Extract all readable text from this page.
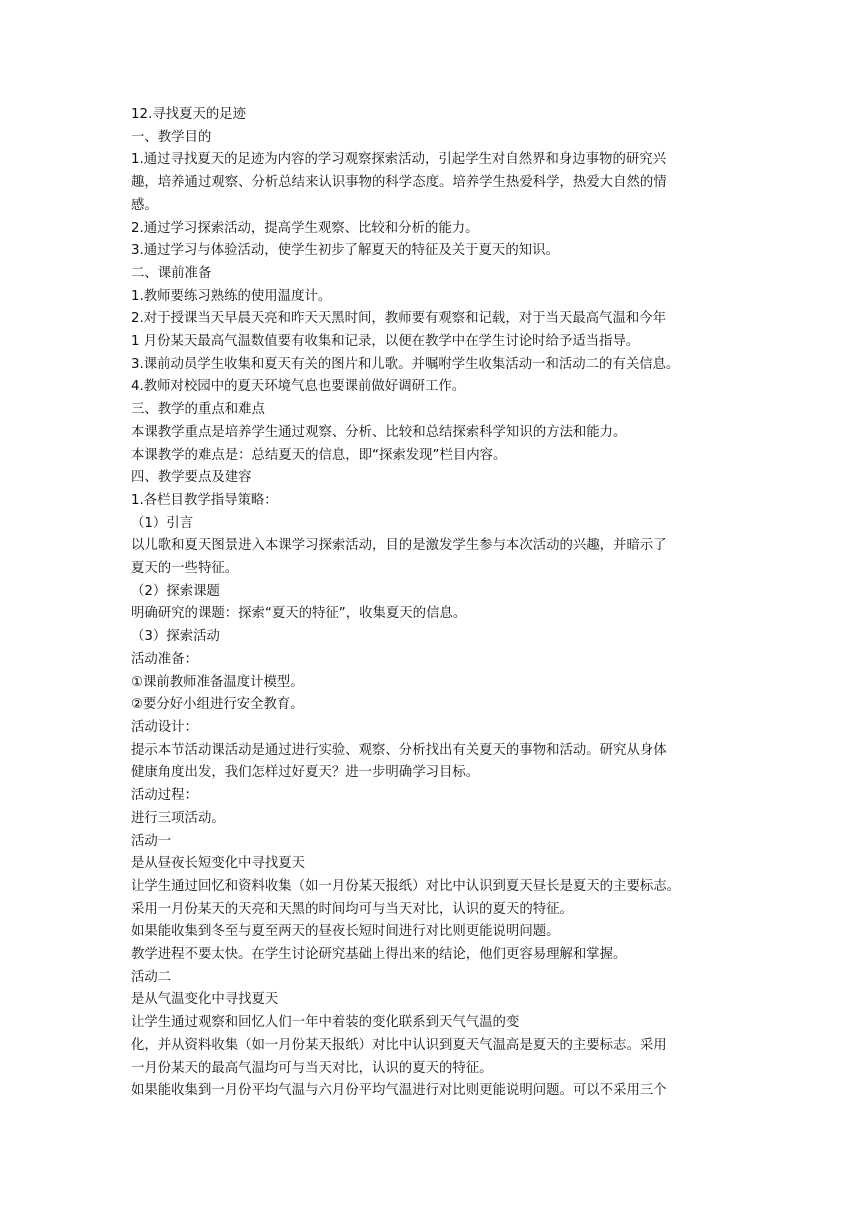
12.寻找夏天的足迹

一、教学目的

1.通过寻找夏天的足迹为内容的学习观察探索活动，引起学生对自然界和身边事物的研究兴

趣，培养通过观察、分析总结来认识事物的科学态度。培养学生热爱科学，热爱大自然的情

感。

2.通过学习探索活动，提高学生观察、比较和分析的能力。

3.通过学习与体验活动，使学生初步了解夏天的特征及关于夏天的知识。

二、课前准备

1.教师要练习熟练的使用温度计。

2.对于授课当天早晨天亮和昨天天黑时间，教师要有观察和记载，对于当天最高气温和今年

1 月份某天最高气温数值要有收集和记录，以便在教学中在学生讨论时给予适当指导。

3.课前动员学生收集和夏天有关的图片和儿歌。并嘱咐学生收集活动一和活动二的有关信息。

4.教师对校园中的夏天环境气息也要课前做好调研工作。

三、教学的重点和难点

本课教学重点是培养学生通过观察、分析、比较和总结探索科学知识的方法和能力。

本课教学的难点是：总结夏天的信息，即“探索发现”栏目内容。

四、教学要点及建容

1.各栏目教学指导策略：

（1）引言

以儿歌和夏天图景进入本课学习探索活动，目的是激发学生参与本次活动的兴趣，并暗示了

夏天的一些特征。

（2）探索课题

明确研究的课题：探索“夏天的特征”，收集夏天的信息。

（3）探索活动

活动准备：

①课前教师准备温度计模型。

②要分好小组进行安全教育。

活动设计：

提示本节活动课活动是通过进行实验、观察、分析找出有关夏天的事物和活动。研究从身体

健康角度出发，我们怎样过好夏天？进一步明确学习目标。

活动过程：

进行三项活动。

活动一

是从昼夜长短变化中寻找夏天

让学生通过回忆和资料收集（如一月份某天报纸）对比中认识到夏天昼长是夏天的主要标志。

采用一月份某天的天亮和天黑的时间均可与当天对比，认识的夏天的特征。

如果能收集到冬至与夏至两天的昼夜长短时间进行对比则更能说明问题。

教学进程不要太快。在学生讨论研究基础上得出来的结论，他们更容易理解和掌握。

活动二

是从气温变化中寻找夏天

让学生通过观察和回忆人们一年中着装的变化联系到天气气温的变

化，并从资料收集（如一月份某天报纸）对比中认识到夏天气温高是夏天的主要标志。采用

一月份某天的最高气温均可与当天对比，认识的夏天的特征。

如果能收集到一月份平均气温与六月份平均气温进行对比则更能说明问题。可以不采用三个
